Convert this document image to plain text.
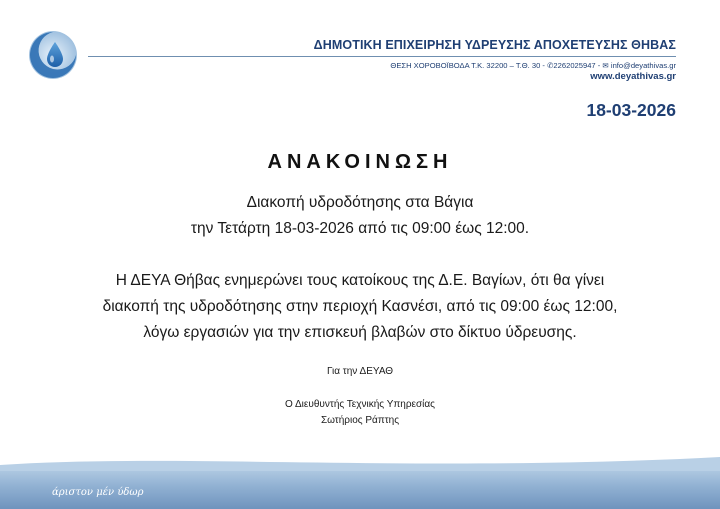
ΔΗΜΟΤΙΚΗ ΕΠΙΧΕΙΡΗΣΗ ΥΔΡΕΥΣΗΣ ΑΠΟΧΕΤΕΥΣΗΣ ΘΗΒΑΣ
ΘΕΣΗ ΧΟΡΟΒΟΪΒΟΔΑ Τ.Κ. 32200 – Τ.Θ. 30 - ✆2262025947 - ✉ info@deyathivas.gr
www.deyathivas.gr
18-03-2026
ΑΝΑΚΟΙΝΩΣΗ
Διακοπή υδροδότησης στα Βάγια
την Τετάρτη 18-03-2026 από τις 09:00 έως 12:00.
Η ΔΕΥΑ Θήβας ενημερώνει τους κατοίκους της Δ.Ε. Βαγίων, ότι θα γίνει
διακοπή της υδροδότησης στην περιοχή Κασνέσι, από τις 09:00 έως 12:00,
λόγω εργασιών για την επισκευή βλαβών στο δίκτυο ύδρευσης.
Για την ΔΕΥΑΘ
Ο Διευθυντής Τεχνικής Υπηρεσίας
Σωτήριος Ράπτης
άριστον μέν ύδωρ
